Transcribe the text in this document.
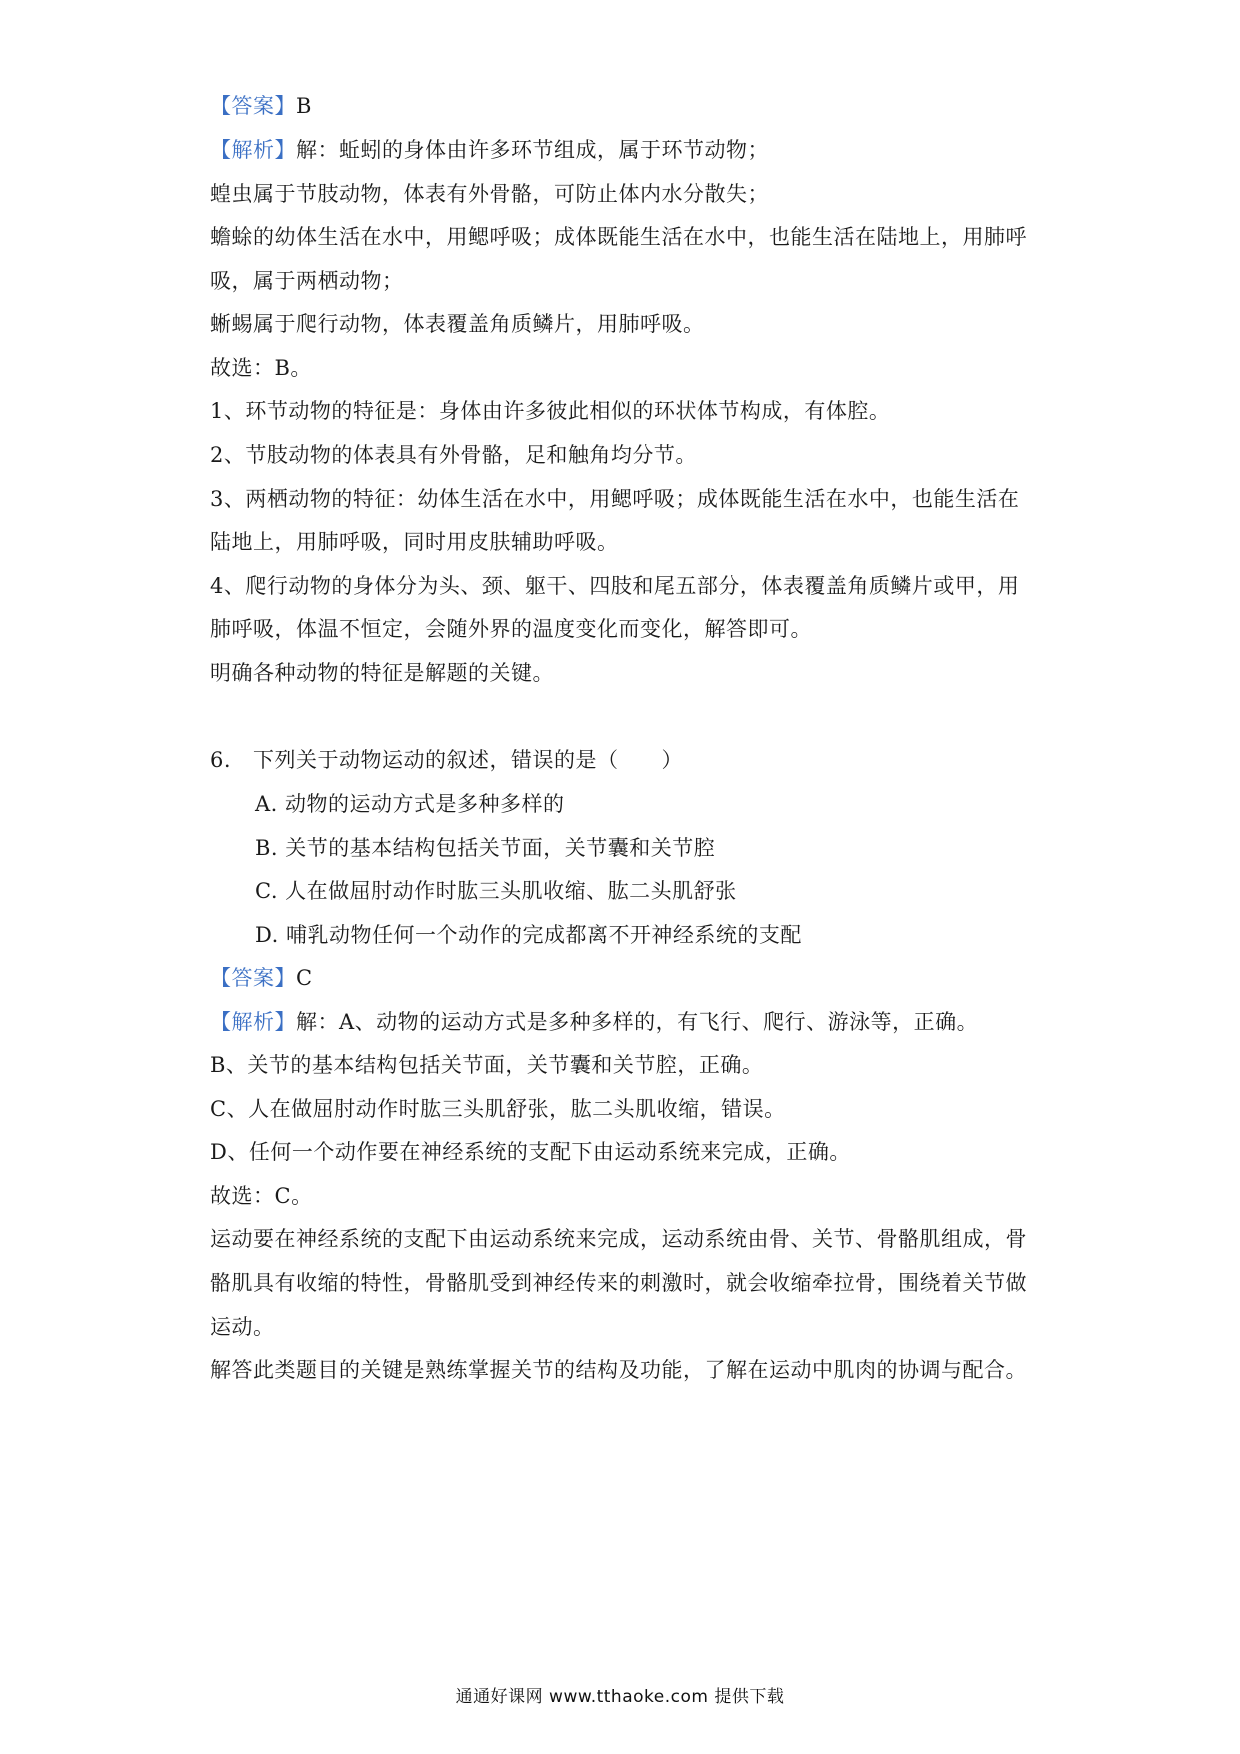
【答案】B
【解析】解：蚯蚓的身体由许多环节组成，属于环节动物；
蝗虫属于节肢动物，体表有外骨骼，可防止体内水分散失；
蟾蜍的幼体生活在水中，用鳃呼吸；成体既能生活在水中，也能生活在陆地上，用肺呼
吸，属于两栖动物；
蜥蜴属于爬行动物，体表覆盖角质鳞片，用肺呼吸。
故选：B。
1、环节动物的特征是：身体由许多彼此相似的环状体节构成，有体腔。
2、节肢动物的体表具有外骨骼，足和触角均分节。
3、两栖动物的特征：幼体生活在水中，用鳃呼吸；成体既能生活在水中，也能生活在
陆地上，用肺呼吸，同时用皮肤辅助呼吸。
4、爬行动物的身体分为头、颈、躯干、四肢和尾五部分，体表覆盖角质鳞片或甲，用
肺呼吸，体温不恒定，会随外界的温度变化而变化，解答即可。
明确各种动物的特征是解题的关键。
6. 下列关于动物运动的叙述，错误的是（　　）
A. 动物的运动方式是多种多样的
B. 关节的基本结构包括关节面，关节囊和关节腔
C. 人在做屈肘动作时肱三头肌收缩、肱二头肌舒张
D. 哺乳动物任何一个动作的完成都离不开神经系统的支配
【答案】C
【解析】解：A、动物的运动方式是多种多样的，有飞行、爬行、游泳等，正确。
B、关节的基本结构包括关节面，关节囊和关节腔，正确。
C、人在做屈肘动作时肱三头肌舒张，肱二头肌收缩，错误。
D、任何一个动作要在神经系统的支配下由运动系统来完成，正确。
故选：C。
运动要在神经系统的支配下由运动系统来完成，运动系统由骨、关节、骨骼肌组成，骨
骼肌具有收缩的特性，骨骼肌受到神经传来的刺激时，就会收缩牵拉骨，围绕着关节做
运动。
解答此类题目的关键是熟练掌握关节的结构及功能，了解在运动中肌肉的协调与配合。
通通好课网 www.tthaoke.com 提供下载
